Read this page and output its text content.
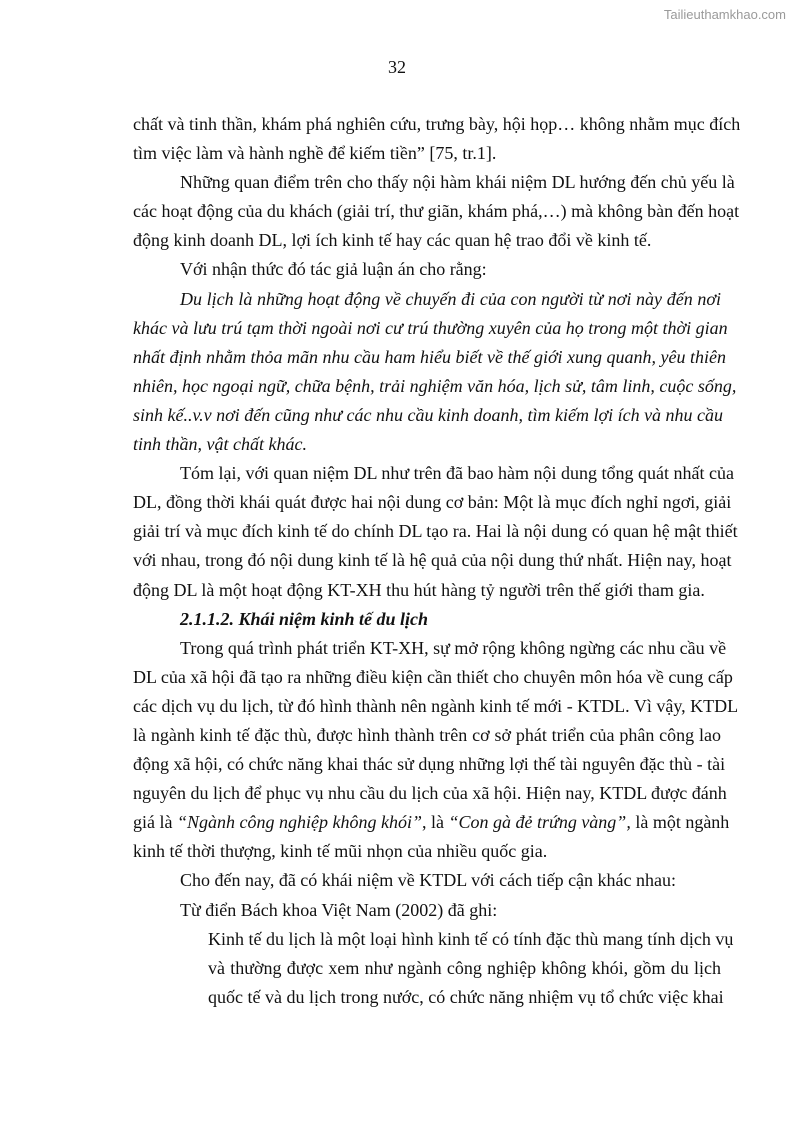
Tailieuthamkhao.com
32
chất và tinh thần, khám phá nghiên cứu, trưng bày, hội họp… không nhằm mục đích
tìm việc làm và hành nghề để kiếm tiền” [75, tr.1].
Những quan điểm trên cho thấy nội hàm khái niệm DL hướng đến chủ yếu là
các hoạt động của du khách (giải trí, thư giãn, khám phá,…) mà không bàn đến hoạt
động kinh doanh DL, lợi ích kinh tế hay các quan hệ trao đổi về kinh tế.
Với nhận thức đó tác giả luận án cho rằng:
Du lịch là những hoạt động về chuyến đi của con người từ nơi này đến nơi
khác và lưu trú tạm thời ngoài nơi cư trú thường xuyên của họ trong một thời gian
nhất định nhằm thỏa mãn nhu cầu ham hiểu biết về thế giới xung quanh, yêu thiên
nhiên, học ngoại ngữ, chữa bệnh, trải nghiệm văn hóa, lịch sử, tâm linh, cuộc sống,
sinh kế..v.v nơi đến cũng như các nhu cầu kinh doanh, tìm kiếm lợi ích và nhu cầu
tinh thần, vật chất khác.
Tóm lại, với quan niệm DL như trên đã bao hàm nội dung tổng quát nhất của
DL, đồng thời khái quát được hai nội dung cơ bản: Một là mục đích nghỉ ngơi, giải
giải trí và mục đích kinh tế do chính DL tạo ra. Hai là nội dung có quan hệ mật thiết
với nhau, trong đó nội dung kinh tế là hệ quả của nội dung thứ nhất. Hiện nay, hoạt
động DL là một hoạt động KT-XH thu hút hàng tỷ người trên thế giới tham gia.
2.1.1.2. Khái niệm kinh tế du lịch
Trong quá trình phát triển KT-XH, sự mở rộng không ngừng các nhu cầu về
DL của xã hội đã tạo ra những điều kiện cần thiết cho chuyên môn hóa về cung cấp
các dịch vụ du lịch, từ đó hình thành nên ngành kinh tế mới - KTDL. Vì vậy, KTDL
là ngành kinh tế đặc thù, được hình thành trên cơ sở phát triển của phân công lao
động xã hội, có chức năng khai thác sử dụng những lợi thế tài nguyên đặc thù - tài
nguyên du lịch để phục vụ nhu cầu du lịch của xã hội. Hiện nay, KTDL được đánh
giá là “Ngành công nghiệp không khói”, là “Con gà đẻ trứng vàng”, là một ngành
kinh tế thời thượng, kinh tế mũi nhọn của nhiều quốc gia.
Cho đến nay, đã có khái niệm về KTDL với cách tiếp cận khác nhau:
Từ điển Bách khoa Việt Nam (2002) đã ghi:
Kinh tế du lịch là một loại hình kinh tế có tính đặc thù mang tính dịch vụ
và thường được xem như ngành công nghiệp không khói, gồm du lịch
quốc tế và du lịch trong nước, có chức năng nhiệm vụ tổ chức việc khai
